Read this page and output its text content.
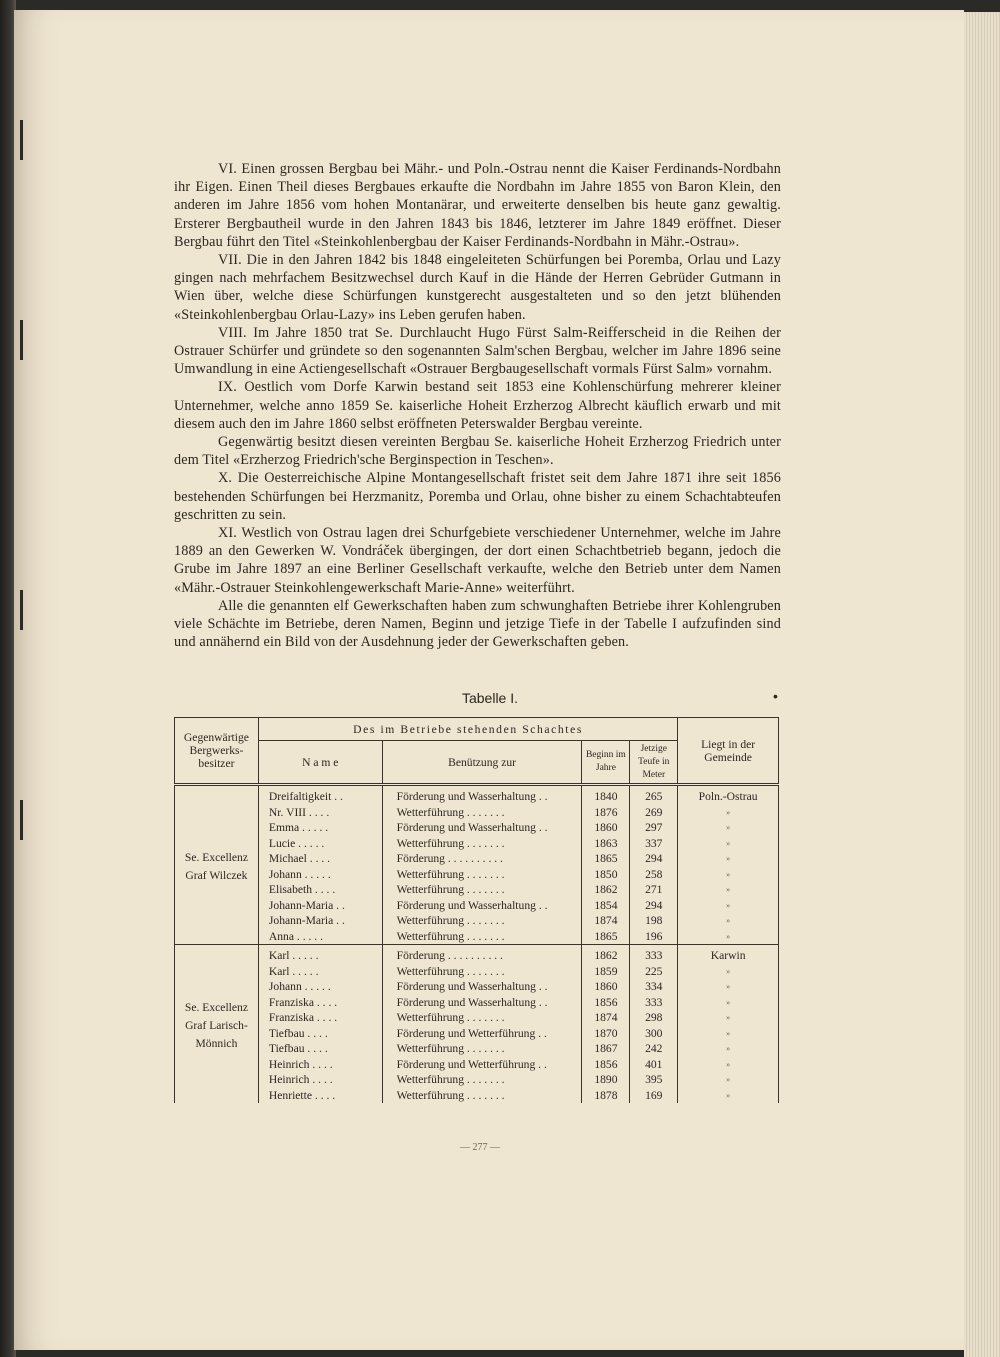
VI. Einen grossen Bergbau bei Mähr.- und Poln.-Ostrau nennt die Kaiser Ferdinands-Nordbahn ihr Eigen. Einen Theil dieses Bergbaues erkaufte die Nordbahn im Jahre 1855 von Baron Klein, den anderen im Jahre 1856 vom hohen Montanärar, und erweiterte denselben bis heute ganz gewaltig. Ersterer Bergbautheil wurde in den Jahren 1843 bis 1846, letzterer im Jahre 1849 eröffnet. Dieser Bergbau führt den Titel «Steinkohlenbergbau der Kaiser Ferdinands-Nordbahn in Mähr.-Ostrau».

VII. Die in den Jahren 1842 bis 1848 eingeleiteten Schürfungen bei Poremba, Orlau und Lazy gingen nach mehrfachem Besitzwechsel durch Kauf in die Hände der Herren Gebrüder Gutmann in Wien über, welche diese Schürfungen kunstgerecht ausgestalteten und so den jetzt blühenden «Steinkohlenbergbau Orlau-Lazy» ins Leben gerufen haben.

VIII. Im Jahre 1850 trat Se. Durchlaucht Hugo Fürst Salm-Reifferscheid in die Reihen der Ostrauer Schürfer und gründete so den sogenannten Salm'schen Bergbau, welcher im Jahre 1896 seine Umwandlung in eine Actiengesellschaft «Ostrauer Bergbaugesellschaft vormals Fürst Salm» vornahm.

IX. Oestlich vom Dorfe Karwin bestand seit 1853 eine Kohlenschürfung mehrerer kleiner Unternehmer, welche anno 1859 Se. kaiserliche Hoheit Erzherzog Albrecht käuflich erwarb und mit diesem auch den im Jahre 1860 selbst eröffneten Peterswalder Bergbau vereinte.

Gegenwärtig besitzt diesen vereinten Bergbau Se. kaiserliche Hoheit Erzherzog Friedrich unter dem Titel «Erzherzog Friedrich'sche Berginspection in Teschen».

X. Die Oesterreichische Alpine Montangesellschaft fristet seit dem Jahre 1871 ihre seit 1856 bestehenden Schürfungen bei Herzmanitz, Poremba und Orlau, ohne bisher zu einem Schachtabteufen geschritten zu sein.

XI. Westlich von Ostrau lagen drei Schurfgebiete verschiedener Unternehmer, welche im Jahre 1889 an den Gewerken W. Vondráček übergingen, der dort einen Schachtbetrieb begann, jedoch die Grube im Jahre 1897 an eine Berliner Gesellschaft verkaufte, welche den Betrieb unter dem Namen «Mähr.-Ostrauer Steinkohlengewerkschaft Marie-Anne» weiterführt.

Alle die genannten elf Gewerkschaften haben zum schwunghaften Betriebe ihrer Kohlengruben viele Schächte im Betriebe, deren Namen, Beginn und jetzige Tiefe in der Tabelle I aufzufinden sind und annähernd ein Bild von der Ausdehnung jeder der Gewerkschaften geben.

Tabelle I.	•
Gegenwärtige Bergwerks-besitzer	Des im Betriebe stehenden Schachtes				Liegt in der Gemeinde
	N a m e	Benützung zur	Beginn im Jahre	Jetzige Teufe in Meter	
Se. Excellenz Graf Wilczek	Dreifaltigkeit . .	Förderung und Wasserhaltung . .	1840	265	Poln.-Ostrau
	Nr. VIII . . . .	Wetterführung . . . . . . .	1876	269	»
	Emma . . . . .	Förderung und Wasserhaltung . .	1860	297	»
	Lucie . . . . .	Wetterführung . . . . . . .	1863	337	»
	Michael . . . .	Förderung . . . . . . . . . .	1865	294	»
	Johann . . . . .	Wetterführung . . . . . . .	1850	258	»
	Elisabeth . . . .	Wetterführung . . . . . . .	1862	271	»
	Johann-Maria . .	Förderung und Wasserhaltung . .	1854	294	»
	Johann-Maria . .	Wetterführung . . . . . . .	1874	198	»
	Anna . . . . .	Wetterführung . . . . . . .	1865	196	»
Se. Excellenz Graf Larisch-Mönnich	Karl . . . . .	Förderung . . . . . . . . . .	1862	333	Karwin
	Karl . . . . .	Wetterführung . . . . . . .	1859	225	»
	Johann . . . . .	Förderung und Wasserhaltung . .	1860	334	»
	Franziska . . . .	Förderung und Wasserhaltung . .	1856	333	»
	Franziska . . . .	Wetterführung . . . . . . .	1874	298	»
	Tiefbau . . . .	Förderung und Wetterführung . .	1870	300	»
	Tiefbau . . . .	Wetterführung . . . . . . .	1867	242	»
	Heinrich . . . .	Förderung und Wetterführung . .	1856	401	»
	Heinrich . . . .	Wetterführung . . . . . . .	1890	395	»
	Henriette . . . .	Wetterführung . . . . . . .	1878	169	»
— 277 —
